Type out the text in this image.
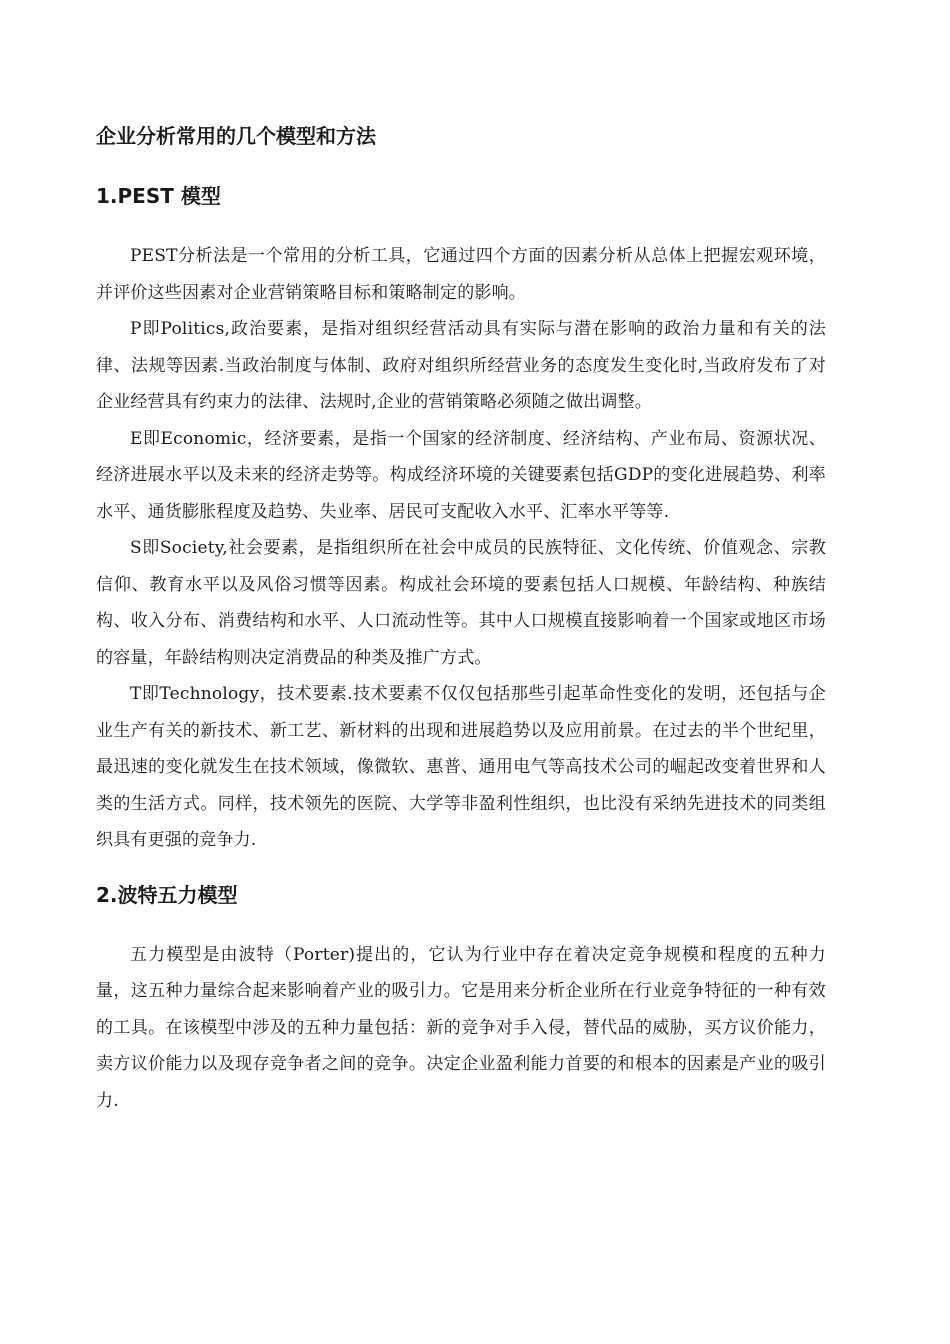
企业分析常用的几个模型和方法
1.PEST 模型

PEST分析法是一个常用的分析工具，它通过四个方面的因素分析从总体上把握宏观环境，并评价这些因素对企业营销策略目标和策略制定的影响。

P即Politics,政治要素，是指对组织经营活动具有实际与潜在影响的政治力量和有关的法律、法规等因素.当政治制度与体制、政府对组织所经营业务的态度发生变化时,当政府发布了对企业经营具有约束力的法律、法规时,企业的营销策略必须随之做出调整。

E即Economic，经济要素，是指一个国家的经济制度、经济结构、产业布局、资源状况、经济进展水平以及未来的经济走势等。构成经济环境的关键要素包括GDP的变化进展趋势、利率水平、通货膨胀程度及趋势、失业率、居民可支配收入水平、汇率水平等等.

S即Society,社会要素，是指组织所在社会中成员的民族特征、文化传统、价值观念、宗教信仰、教育水平以及风俗习惯等因素。构成社会环境的要素包括人口规模、年龄结构、种族结构、收入分布、消费结构和水平、人口流动性等。其中人口规模直接影响着一个国家或地区市场的容量，年龄结构则决定消费品的种类及推广方式。

T即Technology，技术要素.技术要素不仅仅包括那些引起革命性变化的发明，还包括与企业生产有关的新技术、新工艺、新材料的出现和进展趋势以及应用前景。在过去的半个世纪里，最迅速的变化就发生在技术领域，像微软、惠普、通用电气等高技术公司的崛起改变着世界和人类的生活方式。同样，技术领先的医院、大学等非盈利性组织，也比没有采纳先进技术的同类组织具有更强的竞争力.

2.波特五力模型

五力模型是由波特（Porter)提出的，它认为行业中存在着决定竞争规模和程度的五种力量，这五种力量综合起来影响着产业的吸引力。它是用来分析企业所在行业竞争特征的一种有效的工具。在该模型中涉及的五种力量包括：新的竞争对手入侵，替代品的威胁，买方议价能力，卖方议价能力以及现存竞争者之间的竞争。决定企业盈利能力首要的和根本的因素是产业的吸引力.
